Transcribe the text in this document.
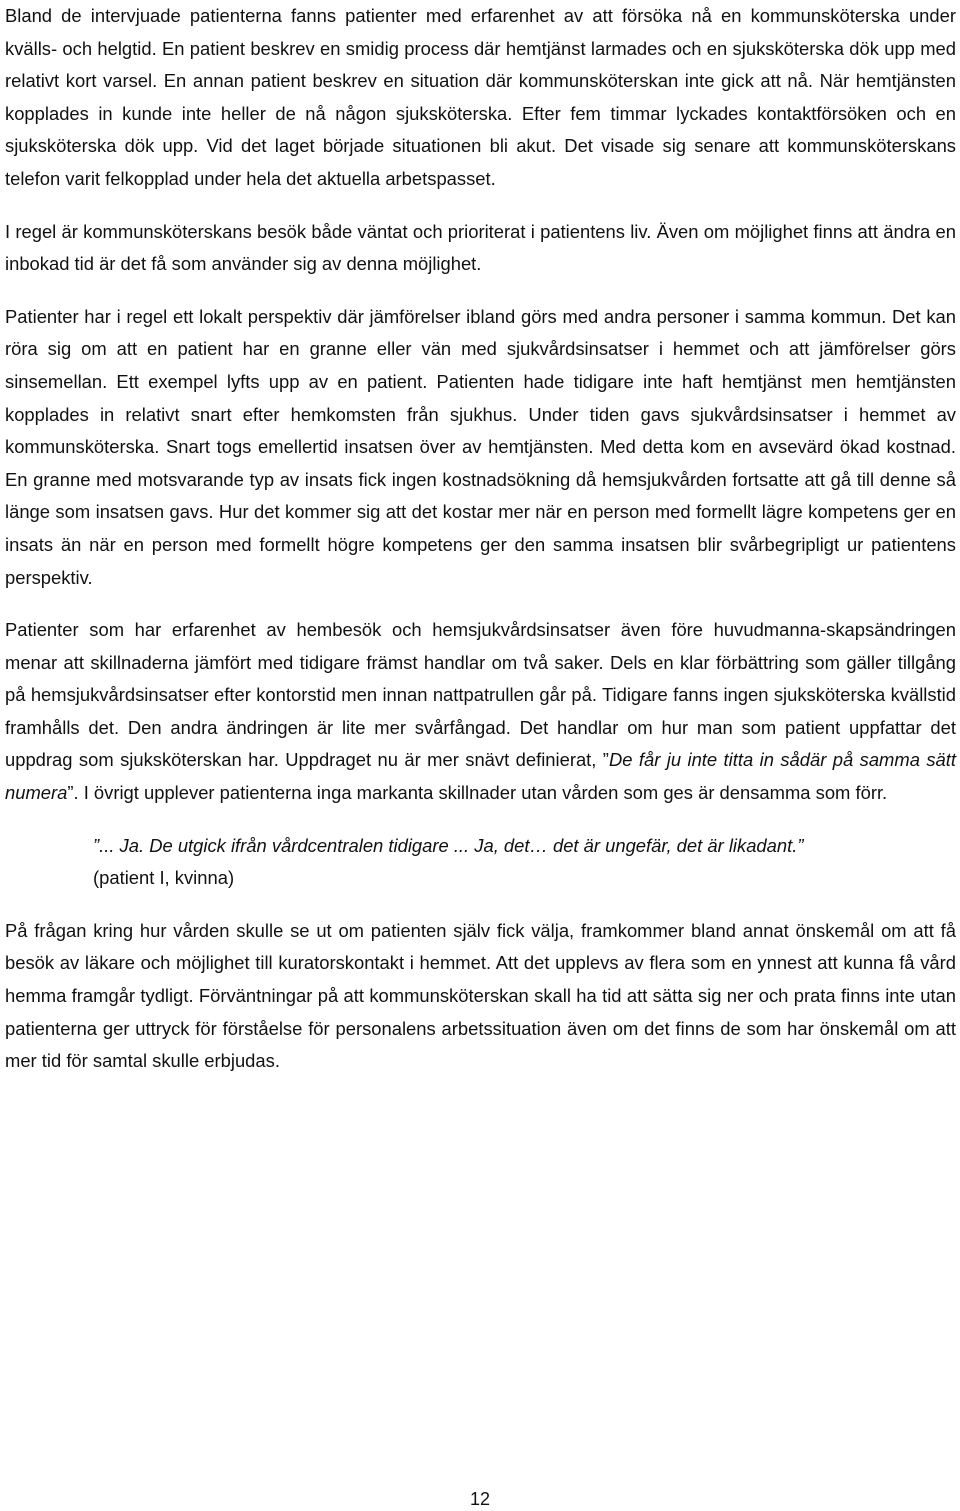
Bland de intervjuade patienterna fanns patienter med erfarenhet av att försöka nå en kommunsköterska under kvälls- och helgtid. En patient beskrev en smidig process där hemtjänst larmades och en sjuksköterska dök upp med relativt kort varsel. En annan patient beskrev en situation där kommunsköterskan inte gick att nå. När hemtjänsten kopplades in kunde inte heller de nå någon sjuksköterska. Efter fem timmar lyckades kontaktförsöken och en sjuksköterska dök upp. Vid det laget började situationen bli akut. Det visade sig senare att kommunsköterskans telefon varit felkopplad under hela det aktuella arbetspasset.

I regel är kommunsköterskans besök både väntat och prioriterat i patientens liv. Även om möjlighet finns att ändra en inbokad tid är det få som använder sig av denna möjlighet.

Patienter har i regel ett lokalt perspektiv där jämförelser ibland görs med andra personer i samma kommun. Det kan röra sig om att en patient har en granne eller vän med sjukvårdsinsatser i hemmet och att jämförelser görs sinsemellan. Ett exempel lyfts upp av en patient. Patienten hade tidigare inte haft hemtjänst men hemtjänsten kopplades in relativt snart efter hemkomsten från sjukhus. Under tiden gavs sjukvårdsinsatser i hemmet av kommunsköterska. Snart togs emellertid insatsen över av hemtjänsten. Med detta kom en avsevärd ökad kostnad. En granne med motsvarande typ av insats fick ingen kostnadsökning då hemsjukvården fortsatte att gå till denne så länge som insatsen gavs. Hur det kommer sig att det kostar mer när en person med formellt lägre kompetens ger en insats än när en person med formellt högre kompetens ger den samma insatsen blir svårbegripligt ur patientens perspektiv.

Patienter som har erfarenhet av hembesök och hemsjukvårdsinsatser även före huvudmanna-skapsändringen menar att skillnaderna jämfört med tidigare främst handlar om två saker. Dels en klar förbättring som gäller tillgång på hemsjukvårdsinsatser efter kontorstid men innan nattpatrullen går på. Tidigare fanns ingen sjuksköterska kvällstid framhålls det. Den andra ändringen är lite mer svårfångad. Det handlar om hur man som patient uppfattar det uppdrag som sjuksköterskan har. Uppdraget nu är mer snävt definierat, ”De får ju inte titta in sådär på samma sätt numera”. I övrigt upplever patienterna inga markanta skillnader utan vården som ges är densamma som förr.

”... Ja. De utgick ifrån vårdcentralen tidigare ... Ja, det… det är ungefär, det är likadant.”
(patient I, kvinna)

På frågan kring hur vården skulle se ut om patienten själv fick välja, framkommer bland annat önskemål om att få besök av läkare och möjlighet till kuratorskontakt i hemmet. Att det upplevs av flera som en ynnest att kunna få vård hemma framgår tydligt. Förväntningar på att kommunsköterskan skall ha tid att sätta sig ner och prata finns inte utan patienterna ger uttryck för förståelse för personalens arbetssituation även om det finns de som har önskemål om att mer tid för samtal skulle erbjudas.

12
